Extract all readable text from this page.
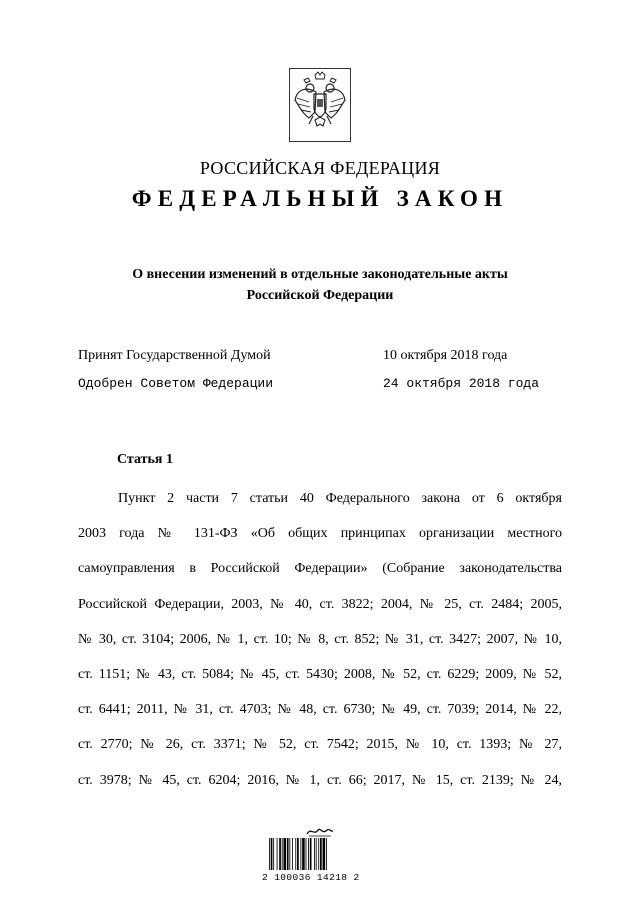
РОССИЙСКАЯ ФЕДЕРАЦИЯ
ФЕДЕРАЛЬНЫЙ ЗАКОН
О внесении изменений в отдельные законодательные акты
Российской Федерации
Принят Государственной Думой	10 октября 2018 года
Одобрен Советом Федерации	24 октября 2018 года
Статья 1
Пункт 2 части 7 статьи 40 Федерального закона от 6 октября
2003 года № 131-ФЗ «Об общих принципах организации местного
самоуправления в Российской Федерации» (Собрание законодательства
Российской Федерации, 2003, № 40, ст. 3822; 2004, № 25, ст. 2484; 2005,
№ 30, ст. 3104; 2006, № 1, ст. 10; № 8, ст. 852; № 31, ст. 3427; 2007, № 10,
ст. 1151; № 43, ст. 5084; № 45, ст. 5430; 2008, № 52, ст. 6229; 2009, № 52,
ст. 6441; 2011, № 31, ст. 4703; № 48, ст. 6730; № 49, ст. 7039; 2014, № 22,
ст. 2770; № 26, ст. 3371; № 52, ст. 7542; 2015, № 10, ст. 1393; № 27,
ст. 3978; № 45, ст. 6204; 2016, № 1, ст. 66; 2017, № 15, ст. 2139; № 24,
2 100036 14218 2
